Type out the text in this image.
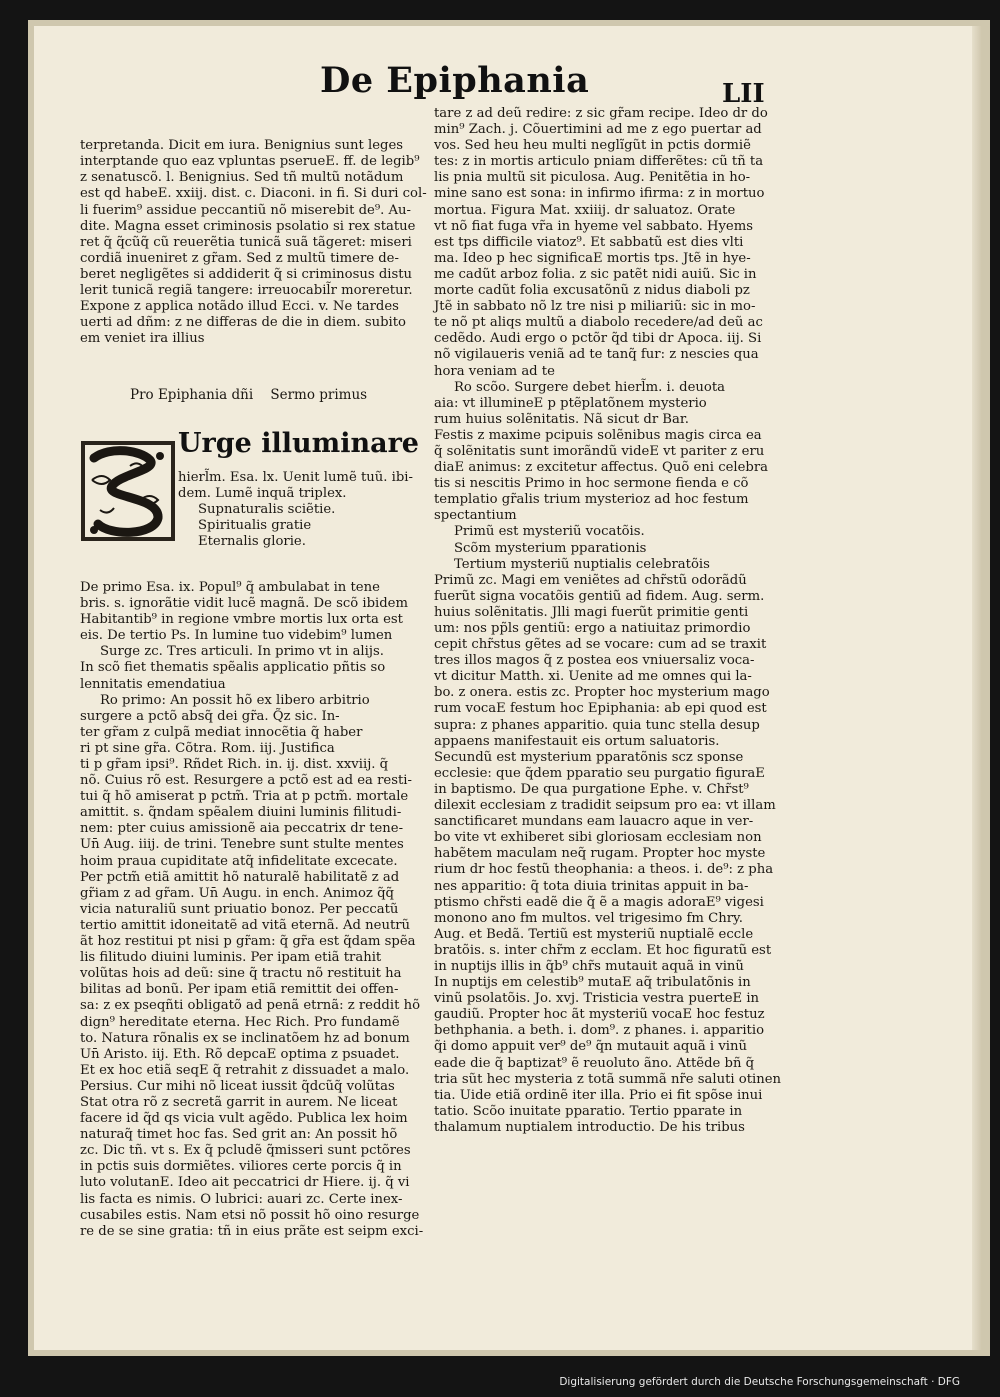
De Epiphania	LII

terpretanda. Dicit em iura. Benignius sunt leges
interptande quo eaz vpluntas pserueE. ff. de legib⁹
z senatuscõ. l. Benignius. Sed tñ multũ notãdum
est qd habeE. xxiij. dist. c. Diaconi. in fi. Si duri col-
li fuerim⁹ assidue peccantiũ nõ miserebit de⁹. Au-
dite. Magna esset criminosis psolatio si rex statue
ret q̃ q̃cũq̃ cũ reuerẽtia tunicã suã tãgeret: miseri
cordiã inueniret z gr̃am. Sed z multũ timere de-
beret negligẽtes si addiderit q̃ si criminosus distu
lerit tunicã regiã tangere: irreuocabil̃r moreretur.
Expone z applica notãdo illud Ecci. v. Ne tardes
uerti ad dñm: z ne differas de die in diem. subito
em veniet ira illius

Pro Epiphania dñi    Sermo primus

Urge illuminare

hierl̃m. Esa. lx. Uenit lumẽ tuũ. ibi-
dem. Lumẽ inquã triplex.
Supnaturalis sciẽtie.
Spiritualis gratie
Eternalis glorie.

De primo Esa. ix. Popul⁹ q̃ ambulabat in tene
bris. s. ignorãtie vidit lucẽ magnã. De scõ ibidem
Habitantib⁹ in regione vmbre mortis lux orta est
eis. De tertio Ps. In lumine tuo videbim⁹ lumen
Surge zc. Tres articuli. In primo vt in alijs.
In scõ fiet thematis spẽalis applicatio pñtis so
lennitatis emendatiua
Ro primo: An possit hõ ex libero arbitrio
surgere a pctõ absq̃ dei gr̃a. Q̃z sic. In-
ter gr̃am z culpã mediat innocẽtia q̃ haber
ri pt sine gr̃a. Cõtra. Rom. iij. Justifica
ti p gr̃am ipsi⁹. Rñdet Rich. in. ij. dist. xxviij. q̃
nõ. Cuius rõ est. Resurgere a pctõ est ad ea resti-
tui q̃ hõ amiserat p pctm̃. Tria at p pctm̃. mortale
amittit. s. q̃ndam spẽalem diuini luminis filitudi-
nem: pter cuius amissionẽ aia peccatrix dr tene-
Un̄ Aug. iiij. de trini. Tenebre sunt stulte mentes
hoim praua cupiditate atq̃ infidelitate excecate.
Per pctm̃ etiã amittit hõ naturalẽ habilitatẽ z ad
gr̃iam z ad gr̃am. Un̄ Augu. in ench. Animoz q̃q̃
vicia naturaliũ sunt priuatio bonoz. Per peccatũ
tertio amittit idoneitatẽ ad vitã eternã. Ad neutrũ
ãt hoz restitui pt nisi p gr̃am: q̃ gr̃a est q̃dam spẽa
lis filitudo diuini luminis. Per ipam etiã trahit
volũtas hois ad deũ: sine q̃ tractu nõ restituit ha
bilitas ad bonũ. Per ipam etiã remittit dei offen-
sa: z ex pseqñti obligatõ ad penã etrnã: z reddit hõ
dign⁹ hereditate eterna. Hec Rich. Pro fundamẽ
to. Natura rõnalis ex se inclinatõem hz ad bonum
Un̄ Aristo. iij. Eth. Rõ depcaE optima z psuadet.
Et ex hoc etiã seqE q̃ retrahit z dissuadet a malo.
Persius. Cur mihi nõ liceat iussit q̃dcũq̃ volũtas
Stat otra rõ z secretã garrit in aurem. Ne liceat
facere id q̃d qs vicia vult agẽdo. Publica lex hoim
naturaq̃ timet hoc fas. Sed grit an: An possit hõ
zc. Dic tñ. vt s. Ex q̃ pcludẽ q̃misseri sunt pctõres
in pctis suis dormiẽtes. viliores certe porcis q̃ in
luto volutanE. Ideo ait peccatrici dr Hiere. ij. q̃ vi
lis facta es nimis. O lubrici: auari zc. Certe inex-
cusabiles estis. Nam etsi nõ possit hõ oino resurge
re de se sine gratia: tñ in eius prãte est seipm exci-

tare z ad deũ redire: z sic gr̃am recipe. Ideo dr do
min⁹ Zach. j. Cõuertimini ad me z ego puertar ad
vos. Sed heu heu multi neglĩgũt in pctis dormiẽ
tes: z in mortis articulo pniam differẽtes: cũ tñ ta
lis pnia multũ sit piculosa. Aug. Penitẽtia in ho-
mine sano est sona: in infirmo ifirma: z in mortuo
mortua. Figura Mat. xxiiij. dr saluatoz. Orate
vt nõ fiat fuga vr̃a in hyeme vel sabbato. Hyems
est tps difficile viatoz⁹. Et sabbatũ est dies vlti
ma. Ideo p hec significaE mortis tps. Jtẽ in hye-
me cadũt arboz folia. z sic patẽt nidi auiũ. Sic in
morte cadũt folia excusatõnũ z nidus diaboli pz
Jtẽ in sabbato nõ lz tre nisi p miliariũ: sic in mo-
te nõ pt aliqs multũ a diabolo recedere/ad deũ ac
cedẽdo. Audi ergo o pctõr q̃d tibi dr Apoca. iij. Si
nõ vigilaueris veniã ad te tanq̃ fur: z nescies qua
hora veniam ad te
Ro scõo. Surgere debet hierl̃m. i. deuota
aia: vt illumineE p ptẽplatõnem mysterio
rum huius solẽnitatis. Nã sicut dr Bar.
Festis z maxime pcipuis solẽnibus magis circa ea
q̃ solẽnitatis sunt imorãndũ videE vt pariter z eru
diaE animus: z excitetur affectus. Quõ eni celebra
tis si nescitis Primo in hoc sermone fienda e cõ
templatio gr̃alis trium mysterioz ad hoc festum
spectantium
Primũ est mysteriũ vocatõis.
Scõm mysterium pparationis
Tertium mysteriũ nuptialis celebratõis
Primũ zc. Magi em veniẽtes ad chr̃stũ odorãdũ
fuerũt signa vocatõis gentiũ ad fidem. Aug. serm.
huius solẽnitatis. Jlli magi fuerũt primitie genti
um: nos pp̃ls gentiũ: ergo a natiuitaz primordio
cepit chr̃stus gẽtes ad se vocare: cum ad se traxit
tres illos magos q̃ z postea eos vniuersaliz voca-
vt dicitur Matth. xi. Uenite ad me omnes qui la-
bo. z onera. estis zc. Propter hoc mysterium mago
rum vocaE festum hoc Epiphania: ab epi quod est
supra: z phanes apparitio. quia tunc stella desup
appaens manifestauit eis ortum saluatoris.
Secundũ est mysterium pparatõnis scz sponse
ecclesie: que q̃dem pparatio seu purgatio figuraE
in baptismo. De qua purgatione Ephe. v. Chr̃st⁹
dilexit ecclesiam z tradidit seipsum pro ea: vt illam
sanctificaret mundans eam lauacro aque in ver-
bo vite vt exhiberet sibi gloriosam ecclesiam non
habẽtem maculam neq̃ rugam. Propter hoc myste
rium dr hoc festũ theophania: a theos. i. de⁹: z pha
nes apparitio: q̃ tota diuia trinitas appuit in ba-
ptismo chr̃sti eadẽ die q̃ ẽ a magis adoraE⁹ vigesi
monono ano fm multos. vel trigesimo fm Chry.
Aug. et Bedã. Tertiũ est mysteriũ nuptialẽ eccle
bratõis. s. inter chr̃m z ecclam. Et hoc figuratũ est
in nuptijs illis in q̃b⁹ chr̃s mutauit aquã in vinũ
In nuptijs em celestib⁹ mutaE aq̃ tribulatõnis in
vinũ psolatõis. Jo. xvj. Tristicia vestra puerteE in
gaudiũ. Propter hoc ãt mysteriũ vocaE hoc festuz
bethphania. a beth. i. dom⁹. z phanes. i. apparitio
q̃i domo appuit ver⁹ de⁹ q̃n mutauit aquã i vinũ
eade die q̃ baptizat⁹ ẽ reuoluto ãno. Attẽde bñ q̃
tria sũt hec mysteria z totã summã nr̃e saluti otinen
tia. Uide etiã ordinẽ iter illa. Prio ei fit spõse inui
tatio. Scõo inuitate pparatio. Tertio pparate in
thalamum nuptialem introductio. De his tribus
Digitalisierung gefördert durch die Deutsche Forschungsgemeinschaft · DFG
